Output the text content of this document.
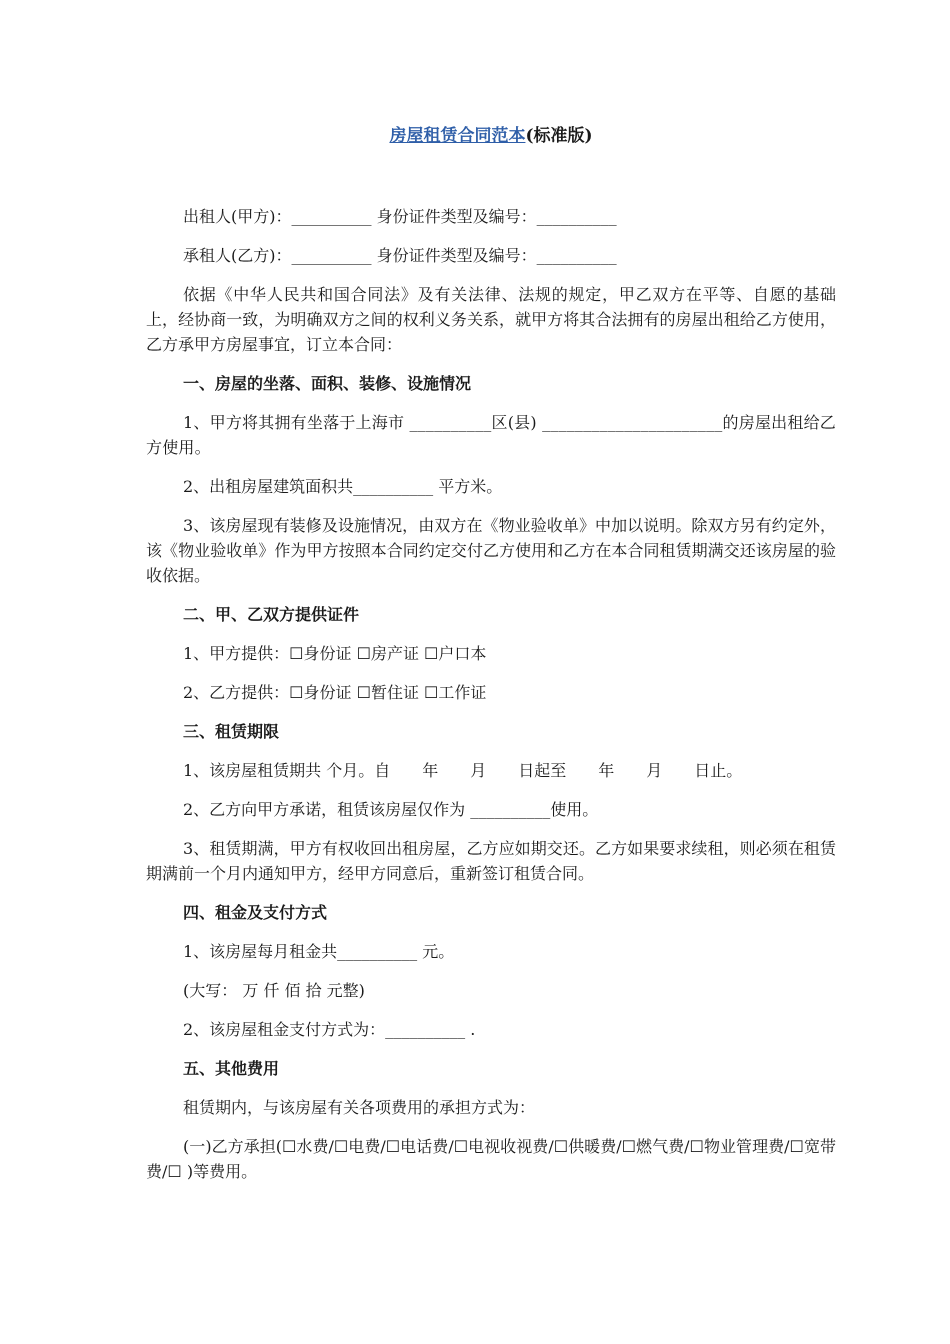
房屋租赁合同范本(标准版)

出租人(甲方)：__________ 身份证件类型及编号：__________

承租人(乙方)：__________ 身份证件类型及编号：__________

依据《中华人民共和国合同法》及有关法律、法规的规定，甲乙双方在平等、自愿的基础上，经协商一致，为明确双方之间的权利义务关系，就甲方将其合法拥有的房屋出租给乙方使用，乙方承甲方房屋事宜，订立本合同：

一、房屋的坐落、面积、装修、设施情况

1、甲方将其拥有坐落于上海市 __________区(县) ______________________的房屋出租给乙方使用。

2、出租房屋建筑面积共__________ 平方米。

3、该房屋现有装修及设施情况，由双方在《物业验收单》中加以说明。除双方另有约定外，该《物业验收单》作为甲方按照本合同约定交付乙方使用和乙方在本合同租赁期满交还该房屋的验收依据。

二、甲、乙双方提供证件

1、甲方提供：☐身份证 ☐房产证 ☐户口本

2、乙方提供：☐身份证 ☐暂住证 ☐工作证

三、租赁期限

1、该房屋租赁期共 个月。自　　年　　月　　日起至　　年　　月　　日止。

2、乙方向甲方承诺，租赁该房屋仅作为 __________使用。

3、租赁期满，甲方有权收回出租房屋，乙方应如期交还。乙方如果要求续租，则必须在租赁期满前一个月内通知甲方，经甲方同意后，重新签订租赁合同。

四、租金及支付方式

1、该房屋每月租金共__________ 元。

(大写： 万 仟 佰 拾 元整)

2、该房屋租金支付方式为：__________ .

五、其他费用

租赁期内，与该房屋有关各项费用的承担方式为：

(一)乙方承担(☐水费/☐电费/☐电话费/☐电视收视费/☐供暖费/☐燃气费/☐物业管理费/☐宽带费/☐ )等费用。
